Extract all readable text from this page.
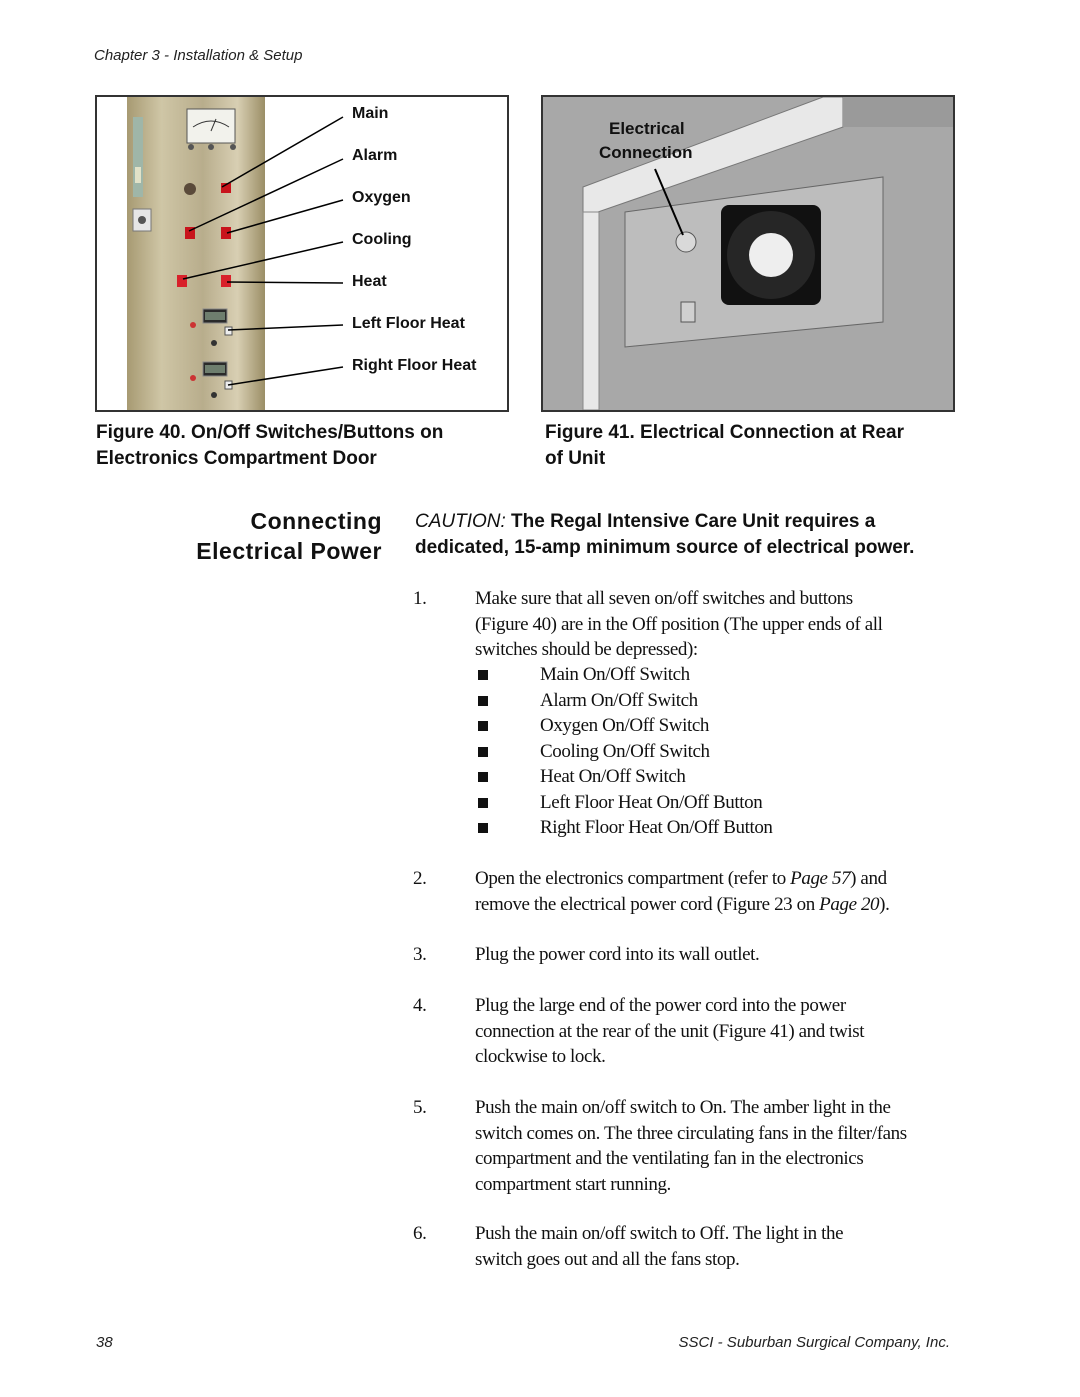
Chapter 3 - Installation & Setup
Main
Alarm
Oxygen
Cooling
Heat
Left Floor Heat
Right Floor Heat
Figure 40. On/Off Switches/Buttons on
Electronics Compartment Door
Electrical
Connection
Figure 41. Electrical Connection at Rear
of Unit
Connecting
Electrical Power
CAUTION: The Regal Intensive Care Unit requires a
dedicated, 15-amp minimum source of electrical power.
1.	Make sure that all seven on/off switches and buttons
(Figure 40) are in the Off position (The upper ends of all
switches should be depressed):
Main On/Off Switch
Alarm On/Off Switch
Oxygen On/Off Switch
Cooling On/Off Switch
Heat On/Off Switch
Left Floor Heat On/Off Button
Right Floor Heat On/Off Button
2.	Open the electronics compartment (refer to Page 57) and
remove the electrical power cord (Figure 23 on Page 20).
3.	Plug the power cord into its wall outlet.
4.	Plug the large end of the power cord into the power
connection at the rear of the unit (Figure 41) and twist
clockwise to lock.
5.	Push the main on/off switch to On. The amber light in the
switch comes on. The three circulating fans in the filter/fans
compartment and the ventilating fan in the electronics
compartment start running.
6.	Push the main on/off switch to Off. The light in the
switch goes out and all the fans stop.
38	SSCI - Suburban Surgical Company, Inc.
